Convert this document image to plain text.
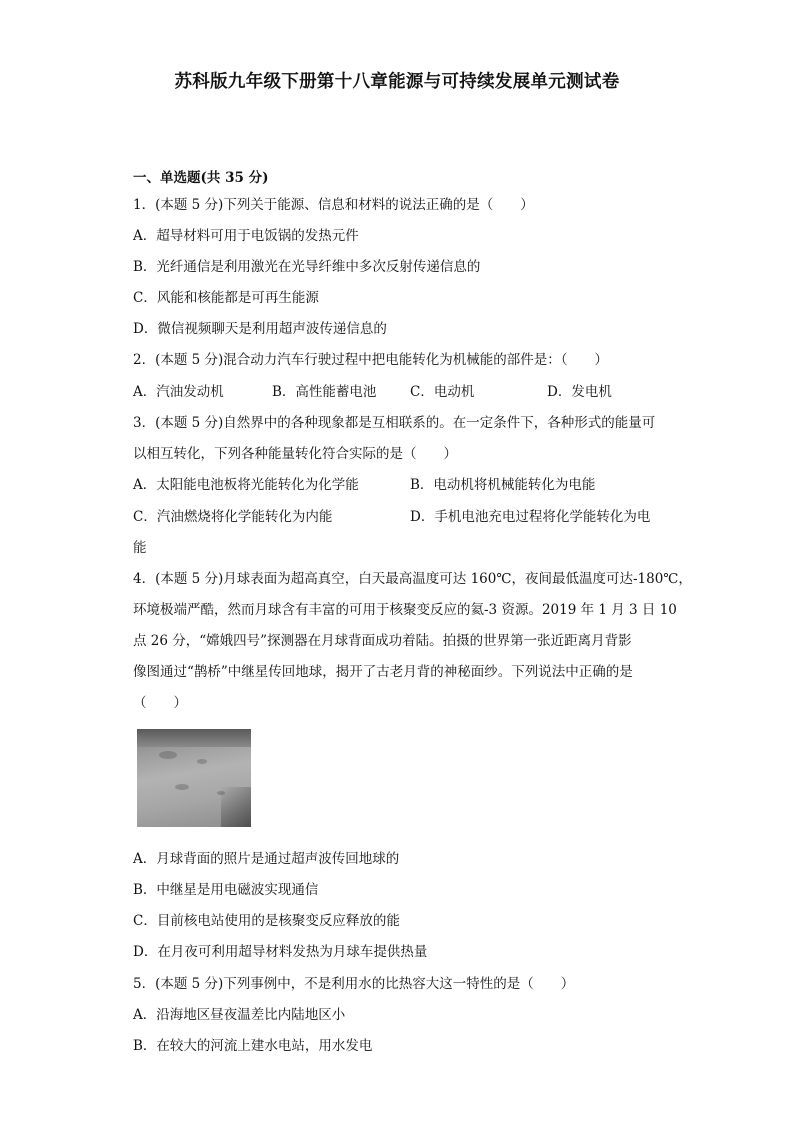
苏科版九年级下册第十八章能源与可持续发展单元测试卷
一、单选题(共 35 分)
1．(本题 5 分)下列关于能源、信息和材料的说法正确的是（　　）
A．超导材料可用于电饭锅的发热元件
B．光纤通信是利用激光在光导纤维中多次反射传递信息的
C．风能和核能都是可再生能源
D．微信视频聊天是利用超声波传递信息的
2．(本题 5 分)混合动力汽车行驶过程中把电能转化为机械能的部件是：（　　）
A．汽油发动机	B．高性能蓄电池 C．电动机	D．发电机
3．(本题 5 分)自然界中的各种现象都是互相联系的。在一定条件下，各种形式的能量可
以相互转化，下列各种能量转化符合实际的是（　　）
A．太阳能电池板将光能转化为化学能	B．电动机将机械能转化为电能
C．汽油燃烧将化学能转化为内能	D．手机电池充电过程将化学能转化为电
能
4．(本题 5 分)月球表面为超高真空，白天最高温度可达 160℃，夜间最低温度可达-180℃，
环境极端严酷，然而月球含有丰富的可用于核聚变反应的氦-3 资源。2019 年 1 月 3 日 10
点 26 分，“嫦娥四号”探测器在月球背面成功着陆。拍摄的世界第一张近距离月背影
像图通过“鹊桥”中继星传回地球，揭开了古老月背的神秘面纱。下列说法中正确的是
（　　）
A．月球背面的照片是通过超声波传回地球的
B．中继星是用电磁波实现通信
C．目前核电站使用的是核聚变反应释放的能
D．在月夜可利用超导材料发热为月球车提供热量
5．(本题 5 分)下列事例中，不是利用水的比热容大这一特性的是（　　）
A．沿海地区昼夜温差比内陆地区小
B．在较大的河流上建水电站，用水发电
